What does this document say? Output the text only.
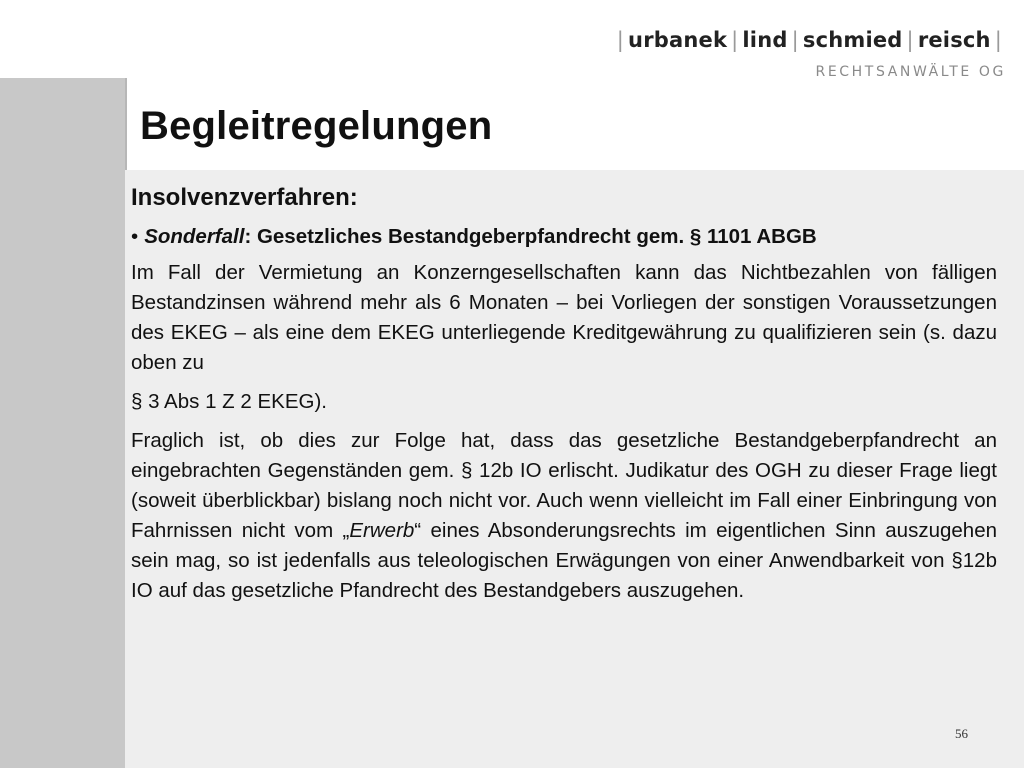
| urbanek | lind | schmied | reisch |
RECHTSANWÄLTE OG
Begleitregelungen
Insolvenzverfahren:
• Sonderfall: Gesetzliches Bestandgeberpfandrecht gem. § 1101 ABGB

Im Fall der Vermietung an Konzerngesellschaften kann das Nichtbezahlen von fälligen Bestandzinsen während mehr als 6 Monaten – bei Vorliegen der sonstigen Voraussetzungen des EKEG – als eine dem EKEG unterliegende Kreditgewährung zu qualifizieren sein (s. dazu oben zu

§ 3 Abs 1 Z 2 EKEG).

Fraglich ist, ob dies zur Folge hat, dass das gesetzliche Bestandgeberpfandrecht an eingebrachten Gegenständen gem. § 12b IO erlischt. Judikatur des OGH zu dieser Frage liegt (soweit überblickbar) bislang noch nicht vor. Auch wenn vielleicht im Fall einer Einbringung von Fahrnissen nicht vom „Erwerb“ eines Absonderungsrechts im eigentlichen Sinn auszugehen sein mag, so ist jedenfalls aus teleologischen Erwägungen von einer Anwendbarkeit von §12b IO auf das gesetzliche Pfandrecht des Bestandgebers auszugehen.

56
